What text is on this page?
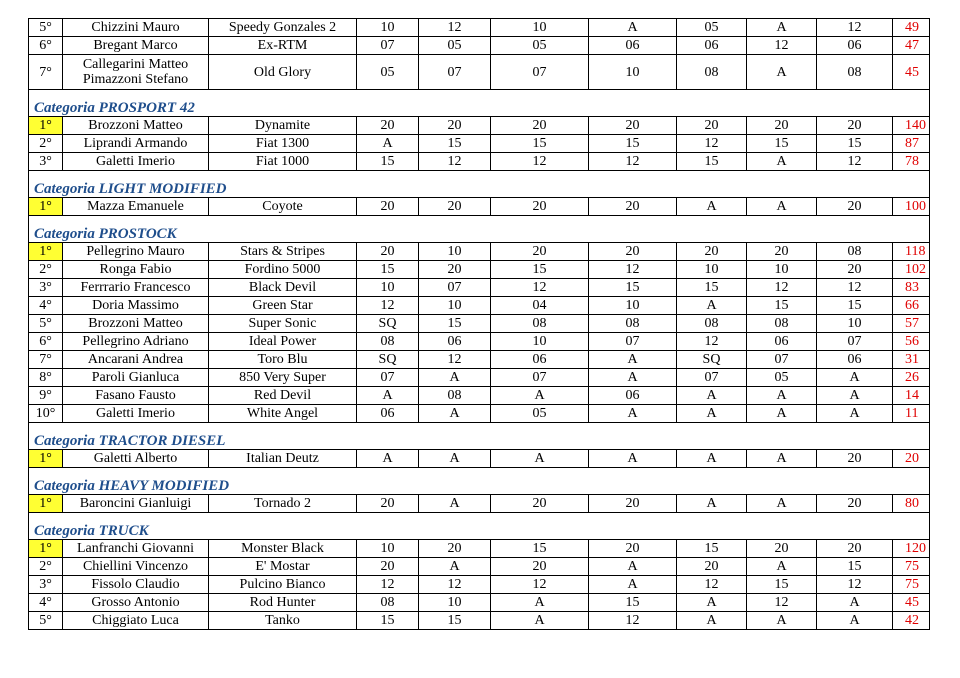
5°	Chizzini Mauro	Speedy Gonzales 2	10	12	10	A	05	A	12	49
6°	Bregant Marco	Ex-RTM	07	05	05	06	06	12	06	47
7°	Callegarini Matteo Pimazzoni Stefano	Old Glory	05	07	07	10	08	A	08	45
Categoria PROSPORT 42										
1°	Brozzoni Matteo	Dynamite	20	20	20	20	20	20	20	140
2°	Liprandi Armando	Fiat 1300	A	15	15	15	12	15	15	87
3°	Galetti Imerio	Fiat 1000	15	12	12	12	15	A	12	78
Categoria LIGHT MODIFIED										
1°	Mazza Emanuele	Coyote	20	20	20	20	A	A	20	100
Categoria PROSTOCK										
1°	Pellegrino Mauro	Stars & Stripes	20	10	20	20	20	20	08	118
2°	Ronga Fabio	Fordino 5000	15	20	15	12	10	10	20	102
3°	Ferrrario Francesco	Black Devil	10	07	12	15	15	12	12	83
4°	Doria Massimo	Green Star	12	10	04	10	A	15	15	66
5°	Brozzoni Matteo	Super Sonic	SQ	15	08	08	08	08	10	57
6°	Pellegrino Adriano	Ideal Power	08	06	10	07	12	06	07	56
7°	Ancarani Andrea	Toro Blu	SQ	12	06	A	SQ	07	06	31
8°	Paroli Gianluca	850 Very Super	07	A	07	A	07	05	A	26
9°	Fasano Fausto	Red Devil	A	08	A	06	A	A	A	14
10°	Galetti Imerio	White Angel	06	A	05	A	A	A	A	11
Categoria TRACTOR DIESEL										
1°	Galetti Alberto	Italian Deutz	A	A	A	A	A	A	20	20
Categoria HEAVY MODIFIED										
1°	Baroncini Gianluigi	Tornado 2	20	A	20	20	A	A	20	80
Categoria TRUCK										
1°	Lanfranchi Giovanni	Monster Black	10	20	15	20	15	20	20	120
2°	Chiellini Vincenzo	E' Mostar	20	A	20	A	20	A	15	75
3°	Fissolo Claudio	Pulcino Bianco	12	12	12	A	12	15	12	75
4°	Grosso Antonio	Rod Hunter	08	10	A	15	A	12	A	45
5°	Chiggiato Luca	Tanko	15	15	A	12	A	A	A	42
